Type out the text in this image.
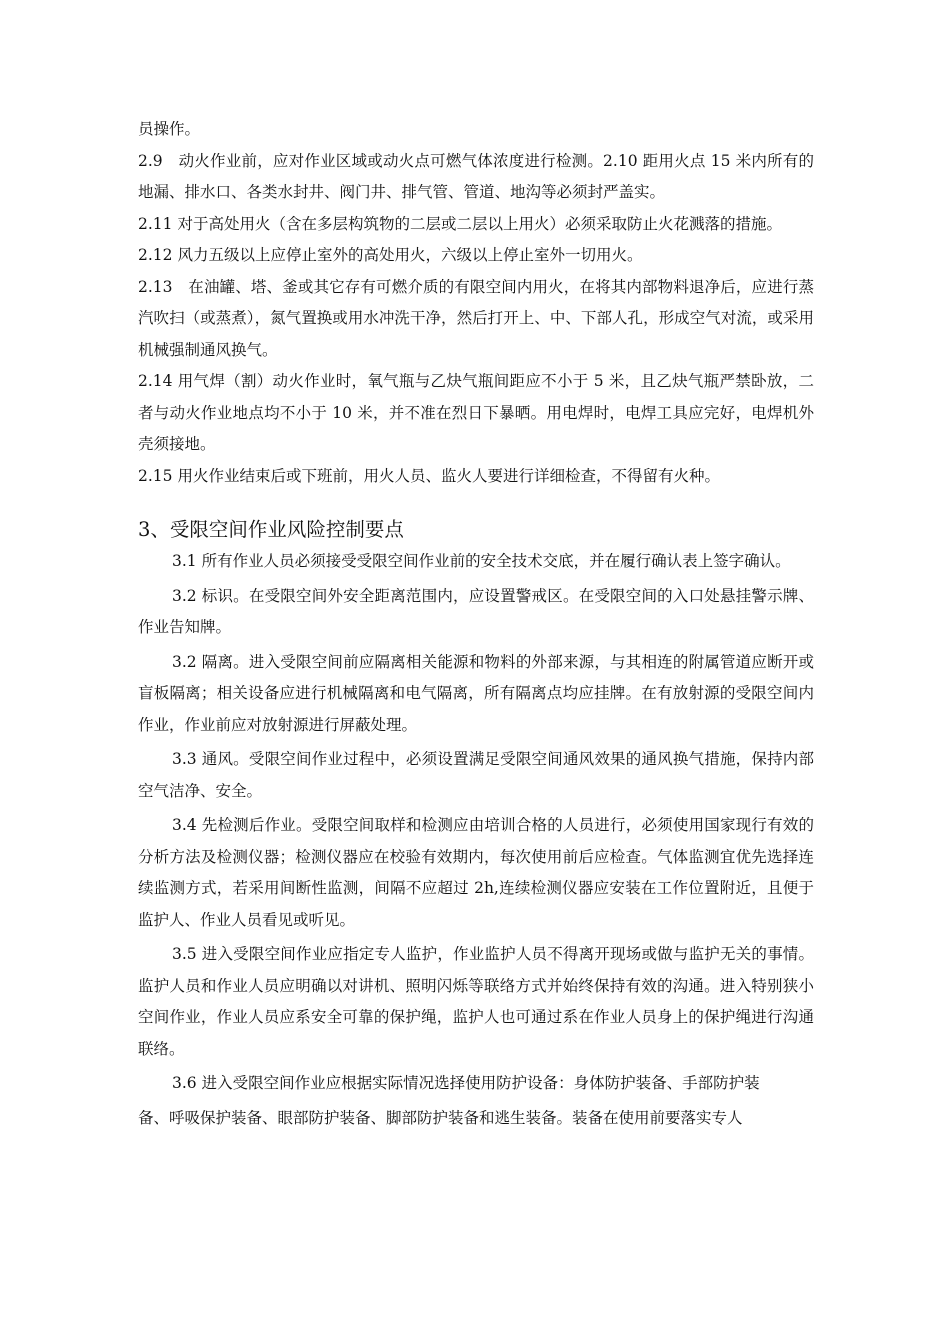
员操作。

2.9　动火作业前，应对作业区域或动火点可燃气体浓度进行检测。2.10 距用火点 15 米内所有的地漏、排水口、各类水封井、阀门井、排气管、管道、地沟等必须封严盖实。

2.11 对于高处用火（含在多层构筑物的二层或二层以上用火）必须采取防止火花溅落的措施。

2.12 风力五级以上应停止室外的高处用火，六级以上停止室外一切用火。

2.13　在油罐、塔、釜或其它存有可燃介质的有限空间内用火，在将其内部物料退净后，应进行蒸汽吹扫（或蒸煮），氮气置换或用水冲洗干净，然后打开上、中、下部人孔，形成空气对流，或采用机械强制通风换气。

2.14 用气焊（割）动火作业时，氧气瓶与乙炔气瓶间距应不小于 5 米，且乙炔气瓶严禁卧放，二者与动火作业地点均不小于 10 米，并不准在烈日下暴晒。用电焊时，电焊工具应完好，电焊机外壳须接地。

2.15 用火作业结束后或下班前，用火人员、监火人要进行详细检查，不得留有火种。

3、受限空间作业风险控制要点

3.1 所有作业人员必须接受受限空间作业前的安全技术交底，并在履行确认表上签字确认。

3.2 标识。在受限空间外安全距离范围内，应设置警戒区。在受限空间的入口处悬挂警示牌、作业告知牌。

3.2 隔离。进入受限空间前应隔离相关能源和物料的外部来源，与其相连的附属管道应断开或盲板隔离；相关设备应进行机械隔离和电气隔离，所有隔离点均应挂牌。在有放射源的受限空间内作业，作业前应对放射源进行屏蔽处理。

3.3 通风。受限空间作业过程中，必须设置满足受限空间通风效果的通风换气措施，保持内部空气洁净、安全。

3.4 先检测后作业。受限空间取样和检测应由培训合格的人员进行，必须使用国家现行有效的分析方法及检测仪器；检测仪器应在校验有效期内，每次使用前后应检查。气体监测宜优先选择连续监测方式，若采用间断性监测，间隔不应超过 2h,连续检测仪器应安装在工作位置附近，且便于监护人、作业人员看见或听见。

3.5 进入受限空间作业应指定专人监护，作业监护人员不得离开现场或做与监护无关的事情。监护人员和作业人员应明确以对讲机、照明闪烁等联络方式并始终保持有效的沟通。进入特别狭小空间作业，作业人员应系安全可靠的保护绳，监护人也可通过系在作业人员身上的保护绳进行沟通联络。

3.6 进入受限空间作业应根据实际情况选择使用防护设备：身体防护装备、手部防护装

备、呼吸保护装备、眼部防护装备、脚部防护装备和逃生装备。装备在使用前要落实专人
